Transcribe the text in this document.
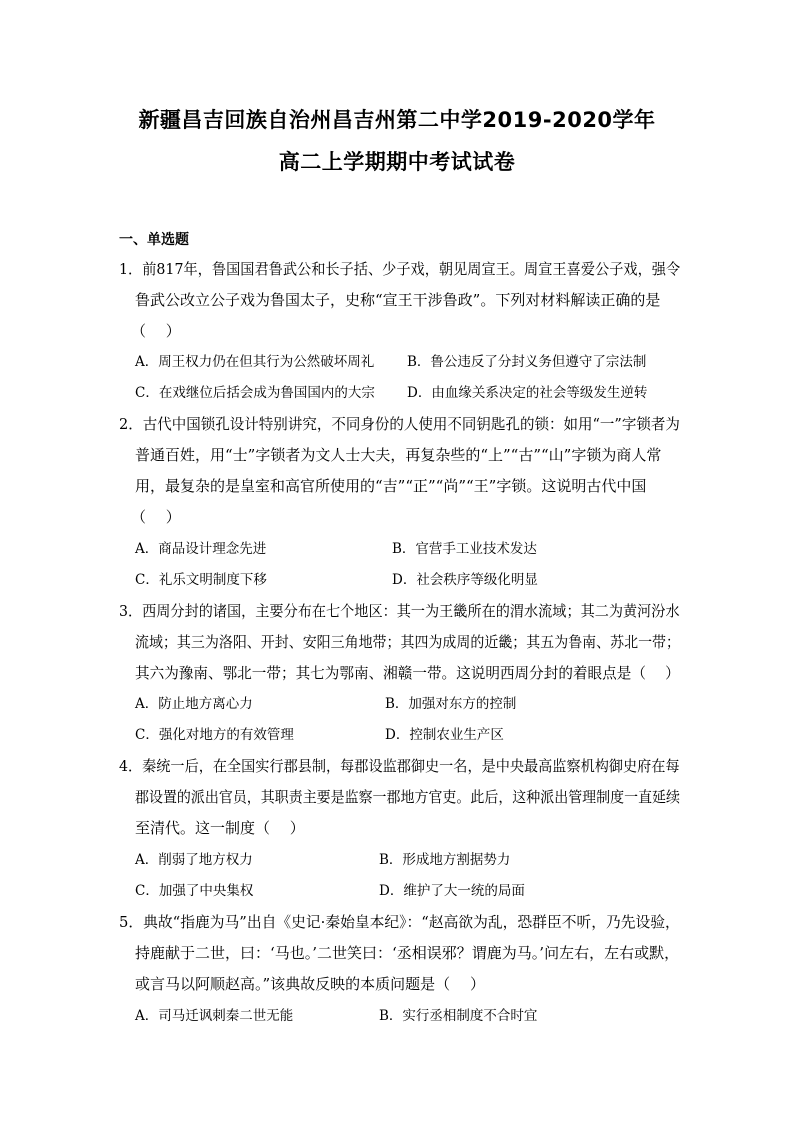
新疆昌吉回族自治州昌吉州第二中学2019-2020学年
高二上学期期中考试试卷
一、单选题
1．前817年，鲁国国君鲁武公和长子括、少子戏，朝见周宣王。周宣王喜爱公子戏，强令
鲁武公改立公子戏为鲁国太子，史称“宣王干涉鲁政”。下列对材料解读正确的是
（　 ）
A．周王权力仍在但其行为公然破坏周礼 B．鲁公违反了分封义务但遵守了宗法制
C．在戏继位后括会成为鲁国国内的大宗 D．由血缘关系决定的社会等级发生逆转
2．古代中国锁孔设计特别讲究，不同身份的人使用不同钥匙孔的锁：如用“一”字锁者为
普通百姓，用“士”字锁者为文人士大夫，再复杂些的“上”“古”“山”字锁为商人常
用，最复杂的是皇室和高官所使用的“吉”“正”“尚”“王”字锁。这说明古代中国
（　 ）
A．商品设计理念先进	B．官营手工业技术发达
C．礼乐文明制度下移	D．社会秩序等级化明显
3．西周分封的诸国，主要分布在七个地区：其一为王畿所在的渭水流域；其二为黄河汾水
流域；其三为洛阳、开封、安阳三角地带；其四为成周的近畿；其五为鲁南、苏北一带；
其六为豫南、鄂北一带；其七为鄂南、湘赣一带。这说明西周分封的着眼点是（　 ）
A．防止地方离心力	B．加强对东方的控制
C．强化对地方的有效管理	D．控制农业生产区
4．秦统一后，在全国实行郡县制，每郡设监郡御史一名，是中央最高监察机构御史府在每
郡设置的派出官员，其职责主要是监察一郡地方官吏。此后，这种派出管理制度一直延续
至清代。这一制度（　 ）
A．削弱了地方权力	B．形成地方割据势力
C．加强了中央集权	D．维护了大一统的局面
5．典故“指鹿为马”出自《史记·秦始皇本纪》：“赵高欲为乱，恐群臣不听，乃先设验，
持鹿献于二世，曰：‘马也。’二世笑曰：‘丞相误邪？谓鹿为马。’问左右，左右或默，
或言马以阿顺赵高。”该典故反映的本质问题是（　 ）
A．司马迁讽刺秦二世无能	B．实行丞相制度不合时宜
